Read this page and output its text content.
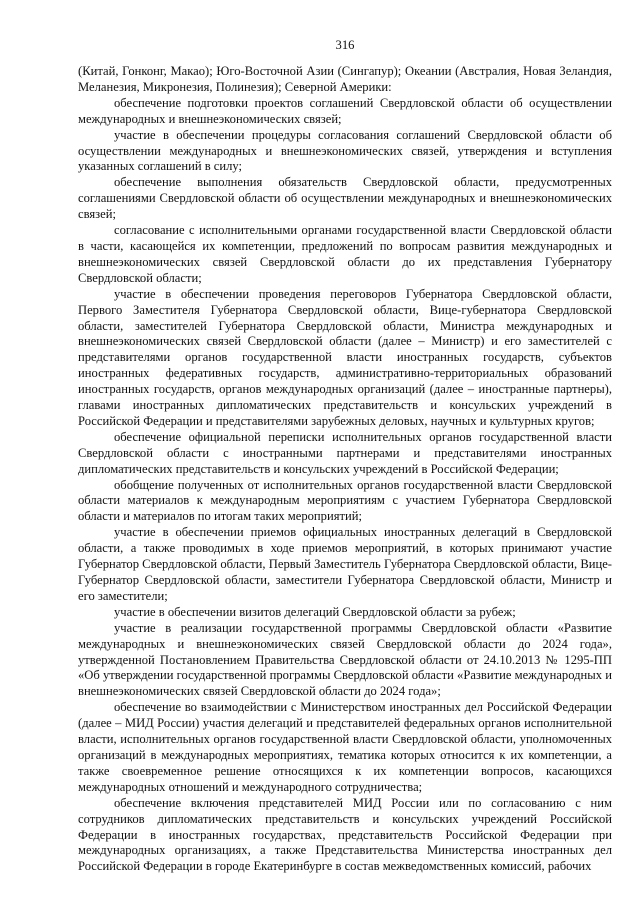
316

(Китай, Гонконг, Макао); Юго-Восточной Азии (Сингапур); Океании (Австралия, Новая Зеландия, Меланезия, Микронезия, Полинезия); Северной Америки:

обеспечение подготовки проектов соглашений Свердловской области об осуществлении международных и внешнеэкономических связей;

участие в обеспечении процедуры согласования соглашений Свердловской области об осуществлении международных и внешнеэкономических связей, утверждения и вступления указанных соглашений в силу;

обеспечение выполнения обязательств Свердловской области, предусмотренных соглашениями Свердловской области об осуществлении международных и внешнеэкономических связей;

согласование с исполнительными органами государственной власти Свердловской области в части, касающейся их компетенции, предложений по вопросам развития международных и внешнеэкономических связей Свердловской области до их представления Губернатору Свердловской области;

участие в обеспечении проведения переговоров Губернатора Свердловской области, Первого Заместителя Губернатора Свердловской области, Вице-губернатора Свердловской области, заместителей Губернатора Свердловской области, Министра международных и внешнеэкономических связей Свердловской области (далее – Министр) и его заместителей с представителями органов государственной власти иностранных государств, субъектов иностранных федеративных государств, административно-территориальных образований иностранных государств, органов международных организаций (далее – иностранные партнеры), главами иностранных дипломатических представительств и консульских учреждений в Российской Федерации и представителями зарубежных деловых, научных и культурных кругов;

обеспечение официальной переписки исполнительных органов государственной власти Свердловской области с иностранными партнерами и представителями иностранных дипломатических представительств и консульских учреждений в Российской Федерации;

обобщение полученных от исполнительных органов государственной власти Свердловской области материалов к международным мероприятиям с участием Губернатора Свердловской области и материалов по итогам таких мероприятий;

участие в обеспечении приемов официальных иностранных делегаций в Свердловской области, а также проводимых в ходе приемов мероприятий, в которых принимают участие Губернатор Свердловской области, Первый Заместитель Губернатора Свердловской области, Вице-Губернатор Свердловской области, заместители Губернатора Свердловской области, Министр и его заместители;

участие в обеспечении визитов делегаций Свердловской области за рубеж;

участие в реализации государственной программы Свердловской области «Развитие международных и внешнеэкономических связей Свердловской области до 2024 года», утвержденной Постановлением Правительства Свердловской области от 24.10.2013 № 1295-ПП «Об утверждении государственной программы Свердловской области «Развитие международных и внешнеэкономических связей Свердловской области до 2024 года»;

обеспечение во взаимодействии с Министерством иностранных дел Российской Федерации (далее – МИД России) участия делегаций и представителей федеральных органов исполнительной власти, исполнительных органов государственной власти Свердловской области, уполномоченных организаций в международных мероприятиях, тематика которых относится к их компетенции, а также своевременное решение относящихся к их компетенции вопросов, касающихся международных отношений и международного сотрудничества;

обеспечение включения представителей МИД России или по согласованию с ним сотрудников дипломатических представительств и консульских учреждений Российской Федерации в иностранных государствах, представительств Российской Федерации при международных организациях, а также Представительства Министерства иностранных дел Российской Федерации в городе Екатеринбурге в состав межведомственных комиссий, рабочих
